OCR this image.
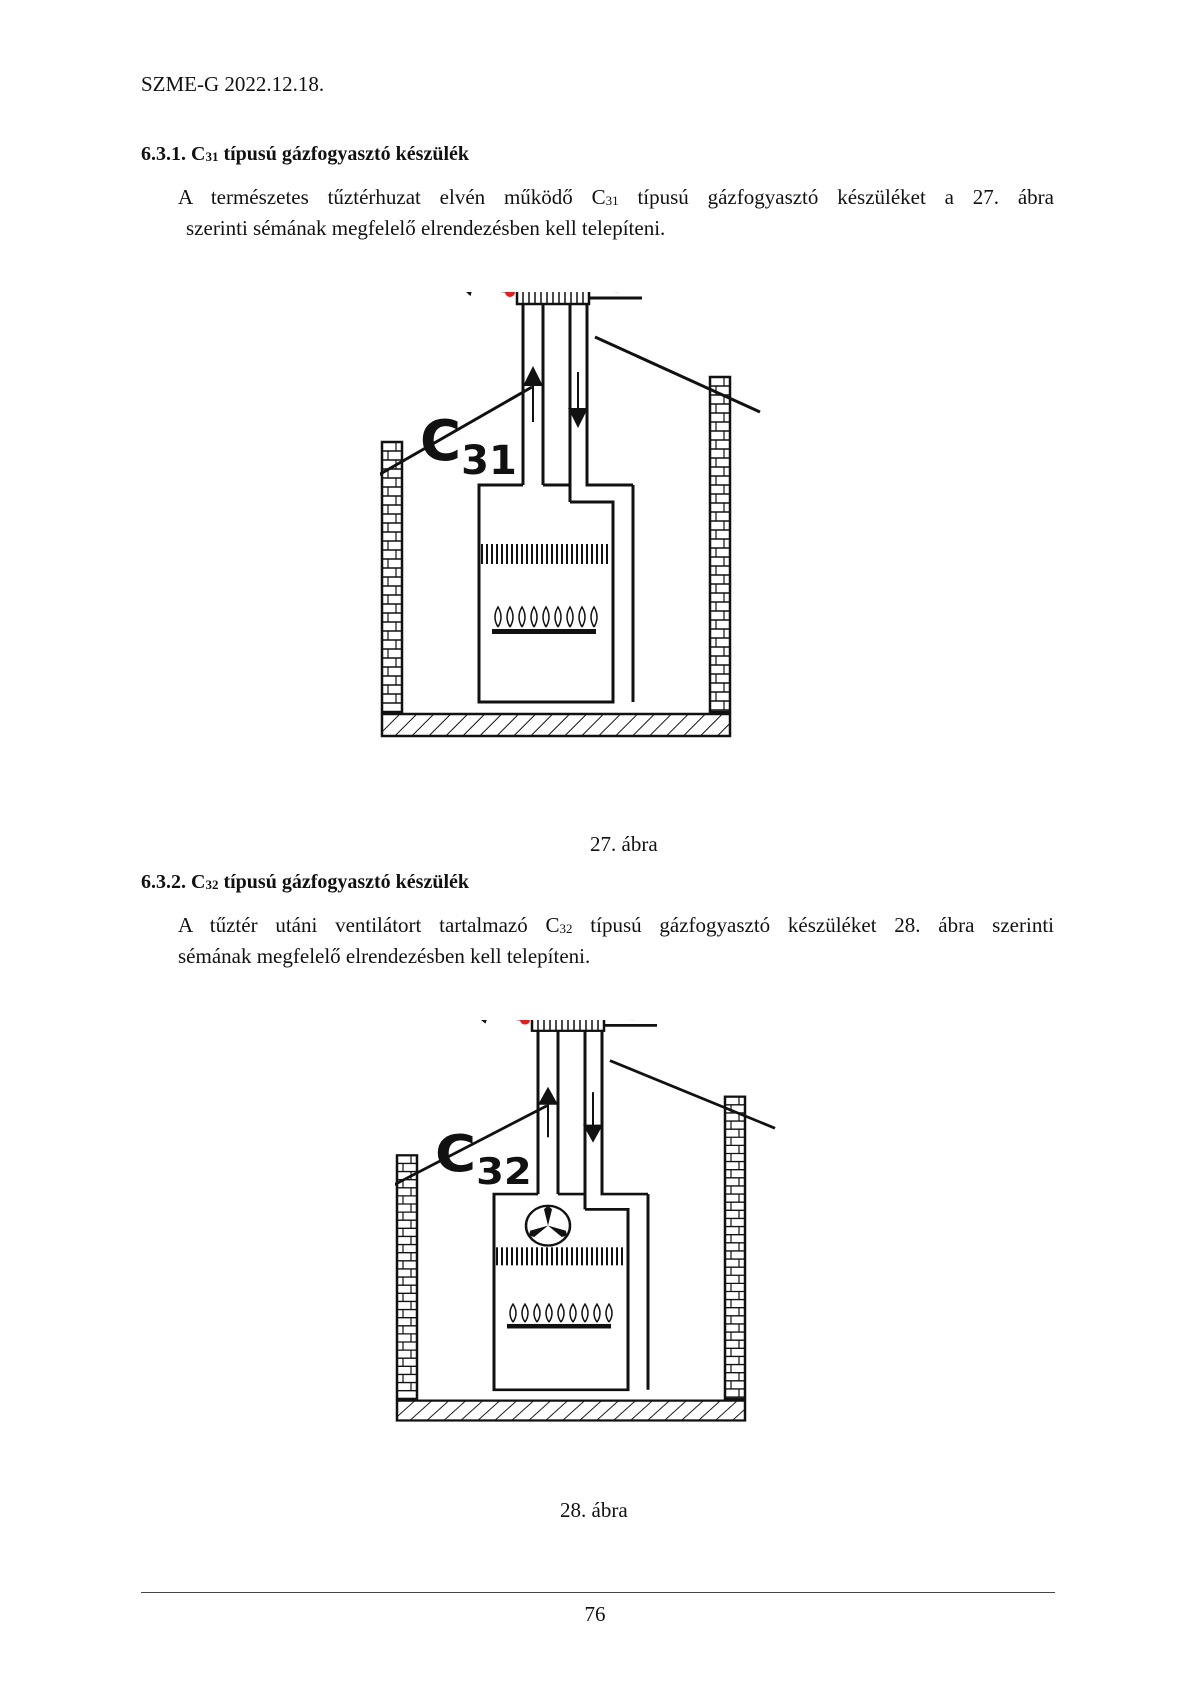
SZME-G 2022.12.18.
6.3.1. $C_{31}$ típusú gázfogyasztó készülék
A természetes tűztérhuzat elvén működő $C_{31}$ típusú gázfogyasztó készüléket a 27. ábra
szerinti sémának megfelelő elrendezésben kell telepíteni.
$C_{31}$
27. ábra
6.3.2. $C_{32}$ típusú gázfogyasztó készülék
A tűztér utáni ventilátort tartalmazó $C_{32}$ típusú gázfogyasztó készüléket 28. ábra szerinti
sémának megfelelő elrendezésben kell telepíteni.
$C_{32}$
28. ábra
76
